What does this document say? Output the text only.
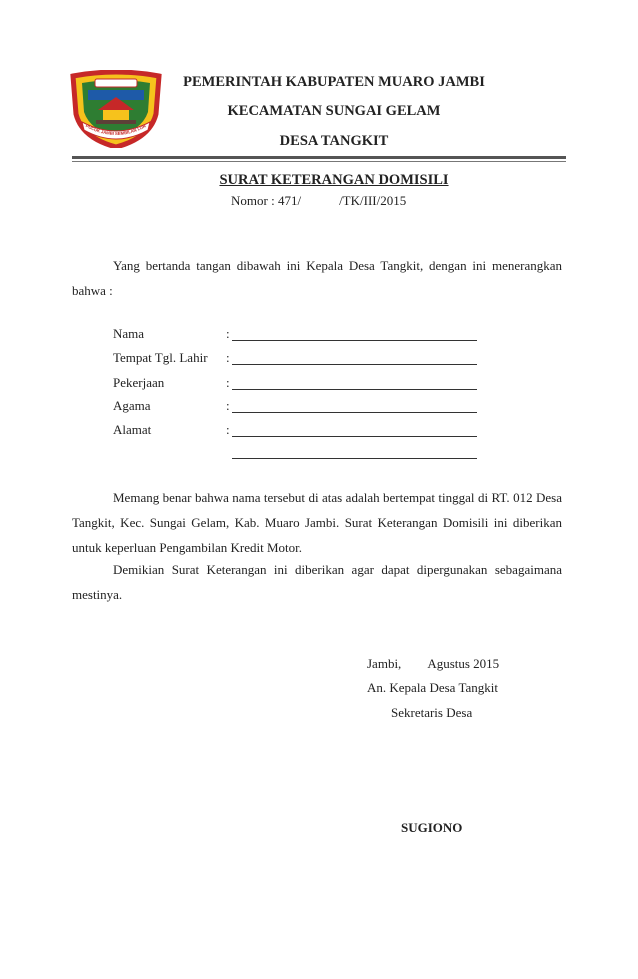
PUCUK JAMBI SEMBILAN LUR
PEMERINTAH KABUPATEN MUARO JAMBI
KECAMATAN SUNGAI GELAM
DESA TANGKIT
SURAT KETERANGAN DOMISILI
Nomor : 471/	/TK/III/2015
Yang bertanda tangan dibawah ini Kepala Desa Tangkit, dengan ini menerangkan bahwa :
Nama	:
Tempat Tgl. Lahir :
Pekerjaan	:
Agama	:
Alamat	:
Memang benar bahwa nama tersebut di atas adalah bertempat tinggal di RT. 012 Desa Tangkit, Kec. Sungai Gelam, Kab. Muaro Jambi. Surat Keterangan Domisili ini diberikan untuk keperluan Pengambilan Kredit Motor.
Demikian Surat Keterangan ini diberikan agar dapat dipergunakan sebagaimana mestinya.
Jambi, Agustus 2015
An. Kepala Desa Tangkit
Sekretaris Desa
SUGIONO
